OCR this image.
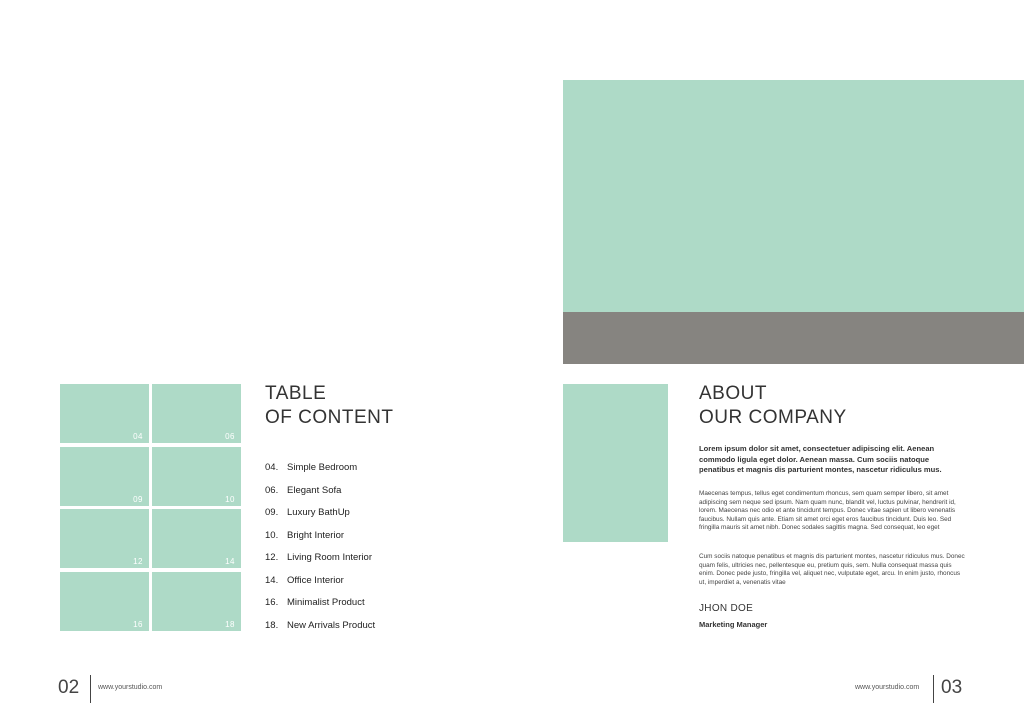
04	06
09	10
12	14
16	18
TABLE
OF CONTENT
04. Simple Bedroom
06. Elegant Sofa
09. Luxury BathUp
10. Bright Interior
12. Living Room Interior
14. Office Interior
16. Minimalist Product
18. New Arrivals Product
ABOUT
OUR COMPANY
Lorem ipsum dolor sit amet, consectetuer adipiscing elit. Aenean commodo ligula eget dolor. Aenean massa. Cum sociis natoque penatibus et magnis dis parturient montes, nascetur ridiculus mus.
Maecenas tempus, tellus eget condimentum rhoncus, sem quam semper libero, sit amet adipiscing sem neque sed ipsum. Nam quam nunc, blandit vel, luctus pulvinar, hendrerit id, lorem. Maecenas nec odio et ante tincidunt tempus. Donec vitae sapien ut libero venenatis faucibus. Nullam quis ante. Etiam sit amet orci eget eros faucibus tincidunt. Duis leo. Sed fringilla mauris sit amet nibh. Donec sodales sagittis magna. Sed consequat, leo eget
Cum sociis natoque penatibus et magnis dis parturient montes, nascetur ridiculus mus. Donec quam felis, ultricies nec, pellentesque eu, pretium quis, sem. Nulla consequat massa quis enim. Donec pede justo, fringilla vel, aliquet nec, vulputate eget, arcu. In enim justo, rhoncus ut, imperdiet a, venenatis vitae
JHON DOE
Marketing Manager
02	www.yourstudio.com	www.yourstudio.com 03
